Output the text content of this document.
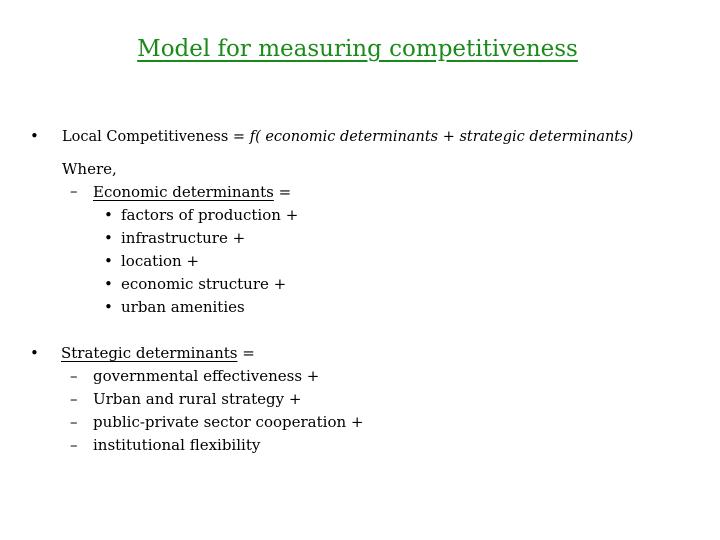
Model for measuring competitiveness
• Local Competitiveness = f( economic determinants + strategic determinants)
Where,
– Economic determinants =
• factors of production +
• infrastructure +
• location +
• economic structure +
• urban amenities
• Strategic determinants =
– governmental effectiveness +
– Urban and rural strategy +
– public-private sector cooperation +
– institutional flexibility
